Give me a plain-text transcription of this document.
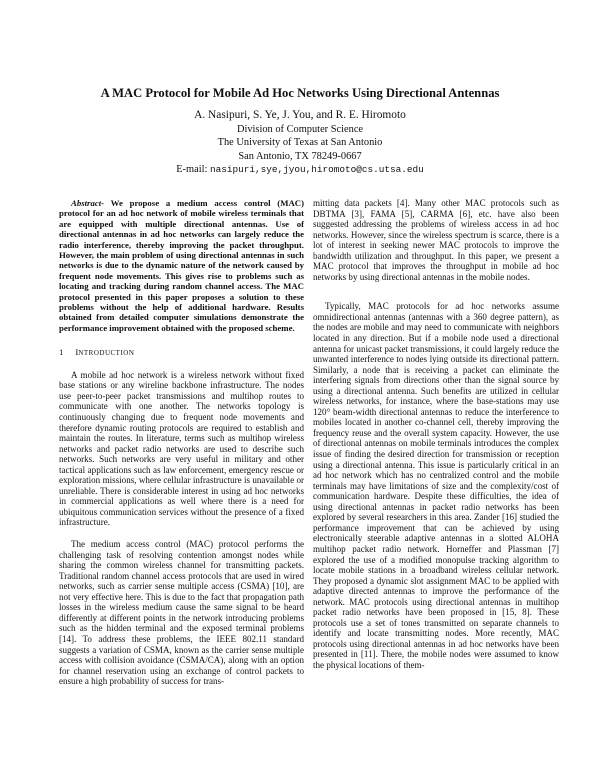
A MAC Protocol for Mobile Ad Hoc Networks Using Directional Antennas
A. Nasipuri, S. Ye, J. You, and R. E. Hiromoto
Division of Computer Science
The University of Texas at San Antonio
San Antonio, TX 78249-0667
E-mail: nasipuri,sye,jyou,hiromoto@cs.utsa.edu

Abstract- We propose a medium access control (MAC) protocol for an ad hoc network of mobile wireless terminals that are equipped with multiple directional antennas. Use of directional antennas in ad hoc networks can largely reduce the radio interference, thereby improving the packet throughput. However, the main problem of using directional antennas in such networks is due to the dynamic nature of the network caused by frequent node movements. This gives rise to problems such as locating and tracking during random channel access. The MAC protocol presented in this paper proposes a solution to these problems without the help of additional hardware. Results obtained from detailed computer simulations demonstrate the performance improvement obtained with the proposed scheme.

1 INTRODUCTION

A mobile ad hoc network is a wireless network without fixed base stations or any wireline backbone infrastructure. The nodes use peer-to-peer packet transmissions and multihop routes to communicate with one another. The networks topology is continuously changing due to frequent node movements and therefore dynamic routing protocols are required to establish and maintain the routes. In literature, terms such as multihop wireless networks and packet radio networks are used to describe such networks. Such networks are very useful in military and other tactical applications such as law enforcement, emergency rescue or exploration missions, where cellular infrastructure is unavailable or unreliable. There is considerable interest in using ad hoc networks in commercial applications as well where there is a need for ubiquitous communication services without the presence of a fixed infrastructure.

The medium access control (MAC) protocol performs the challenging task of resolving contention amongst nodes while sharing the common wireless channel for transmitting packets. Traditional random channel access protocols that are used in wired networks, such as carrier sense multiple access (CSMA) [10], are not very effective here. This is due to the fact that propagation path losses in the wireless medium cause the same signal to be heard differently at different points in the network introducing problems such as the hidden terminal and the exposed terminal problems [14]. To address these problems, the IEEE 802.11 standard suggests a variation of CSMA, known as the carrier sense multiple access with collision avoidance (CSMA/CA), along with an option for channel reservation using an exchange of control packets to ensure a high probability of success for trans-

mitting data packets [4]. Many other MAC protocols such as DBTMA [3], FAMA [5], CARMA [6], etc. have also been suggested addressing the problems of wireless access in ad hoc networks. However, since the wireless spectrum is scarce, there is a lot of interest in seeking newer MAC protocols to improve the bandwidth utilization and throughput. In this paper, we present a MAC protocol that improves the throughput in mobile ad hoc networks by using directional antennas in the mobile nodes.

Typically, MAC protocols for ad hoc networks assume omnidirectional antennas (antennas with a 360 degree pattern), as the nodes are mobile and may need to communicate with neighbors located in any direction. But if a mobile node used a directional antenna for unicast packet transmissions, it could largely reduce the unwanted interference to nodes lying outside its directional pattern. Similarly, a node that is receiving a packet can eliminate the interfering signals from directions other than the signal source by using a directional antenna. Such benefits are utilized in cellular wireless networks, for instance, where the base-stations may use 120° beam-width directional antennas to reduce the interference to mobiles located in another co-channel cell, thereby improving the frequency reuse and the overall system capacity. However, the use of directional antennas on mobile terminals introduces the complex issue of finding the desired direction for transmission or reception using a directional antenna. This issue is particularly critical in an ad hoc network which has no centralized control and the mobile terminals may have limitations of size and the complexity/cost of communication hardware. Despite these difficulties, the idea of using directional antennas in packet radio networks has been explored by several researchers in this area. Zander [16] studied the performance improvement that can be achieved by using electronically steerable adaptive antennas in a slotted ALOHA multihop packet radio network. Horneffer and Plassman [7] explored the use of a modified monopulse tracking algorithm to locate mobile stations in a broadband wireless cellular network. They proposed a dynamic slot assignment MAC to be applied with adaptive directed antennas to improve the performance of the network. MAC protocols using directional antennas in multihop packet radio networks have been proposed in [15, 8]. These protocols use a set of tones transmitted on separate channels to identify and locate transmitting nodes. More recently, MAC protocols using directional antennas in ad hoc networks have been presented in [11]. There, the mobile nodes were assumed to know the physical locations of them-
